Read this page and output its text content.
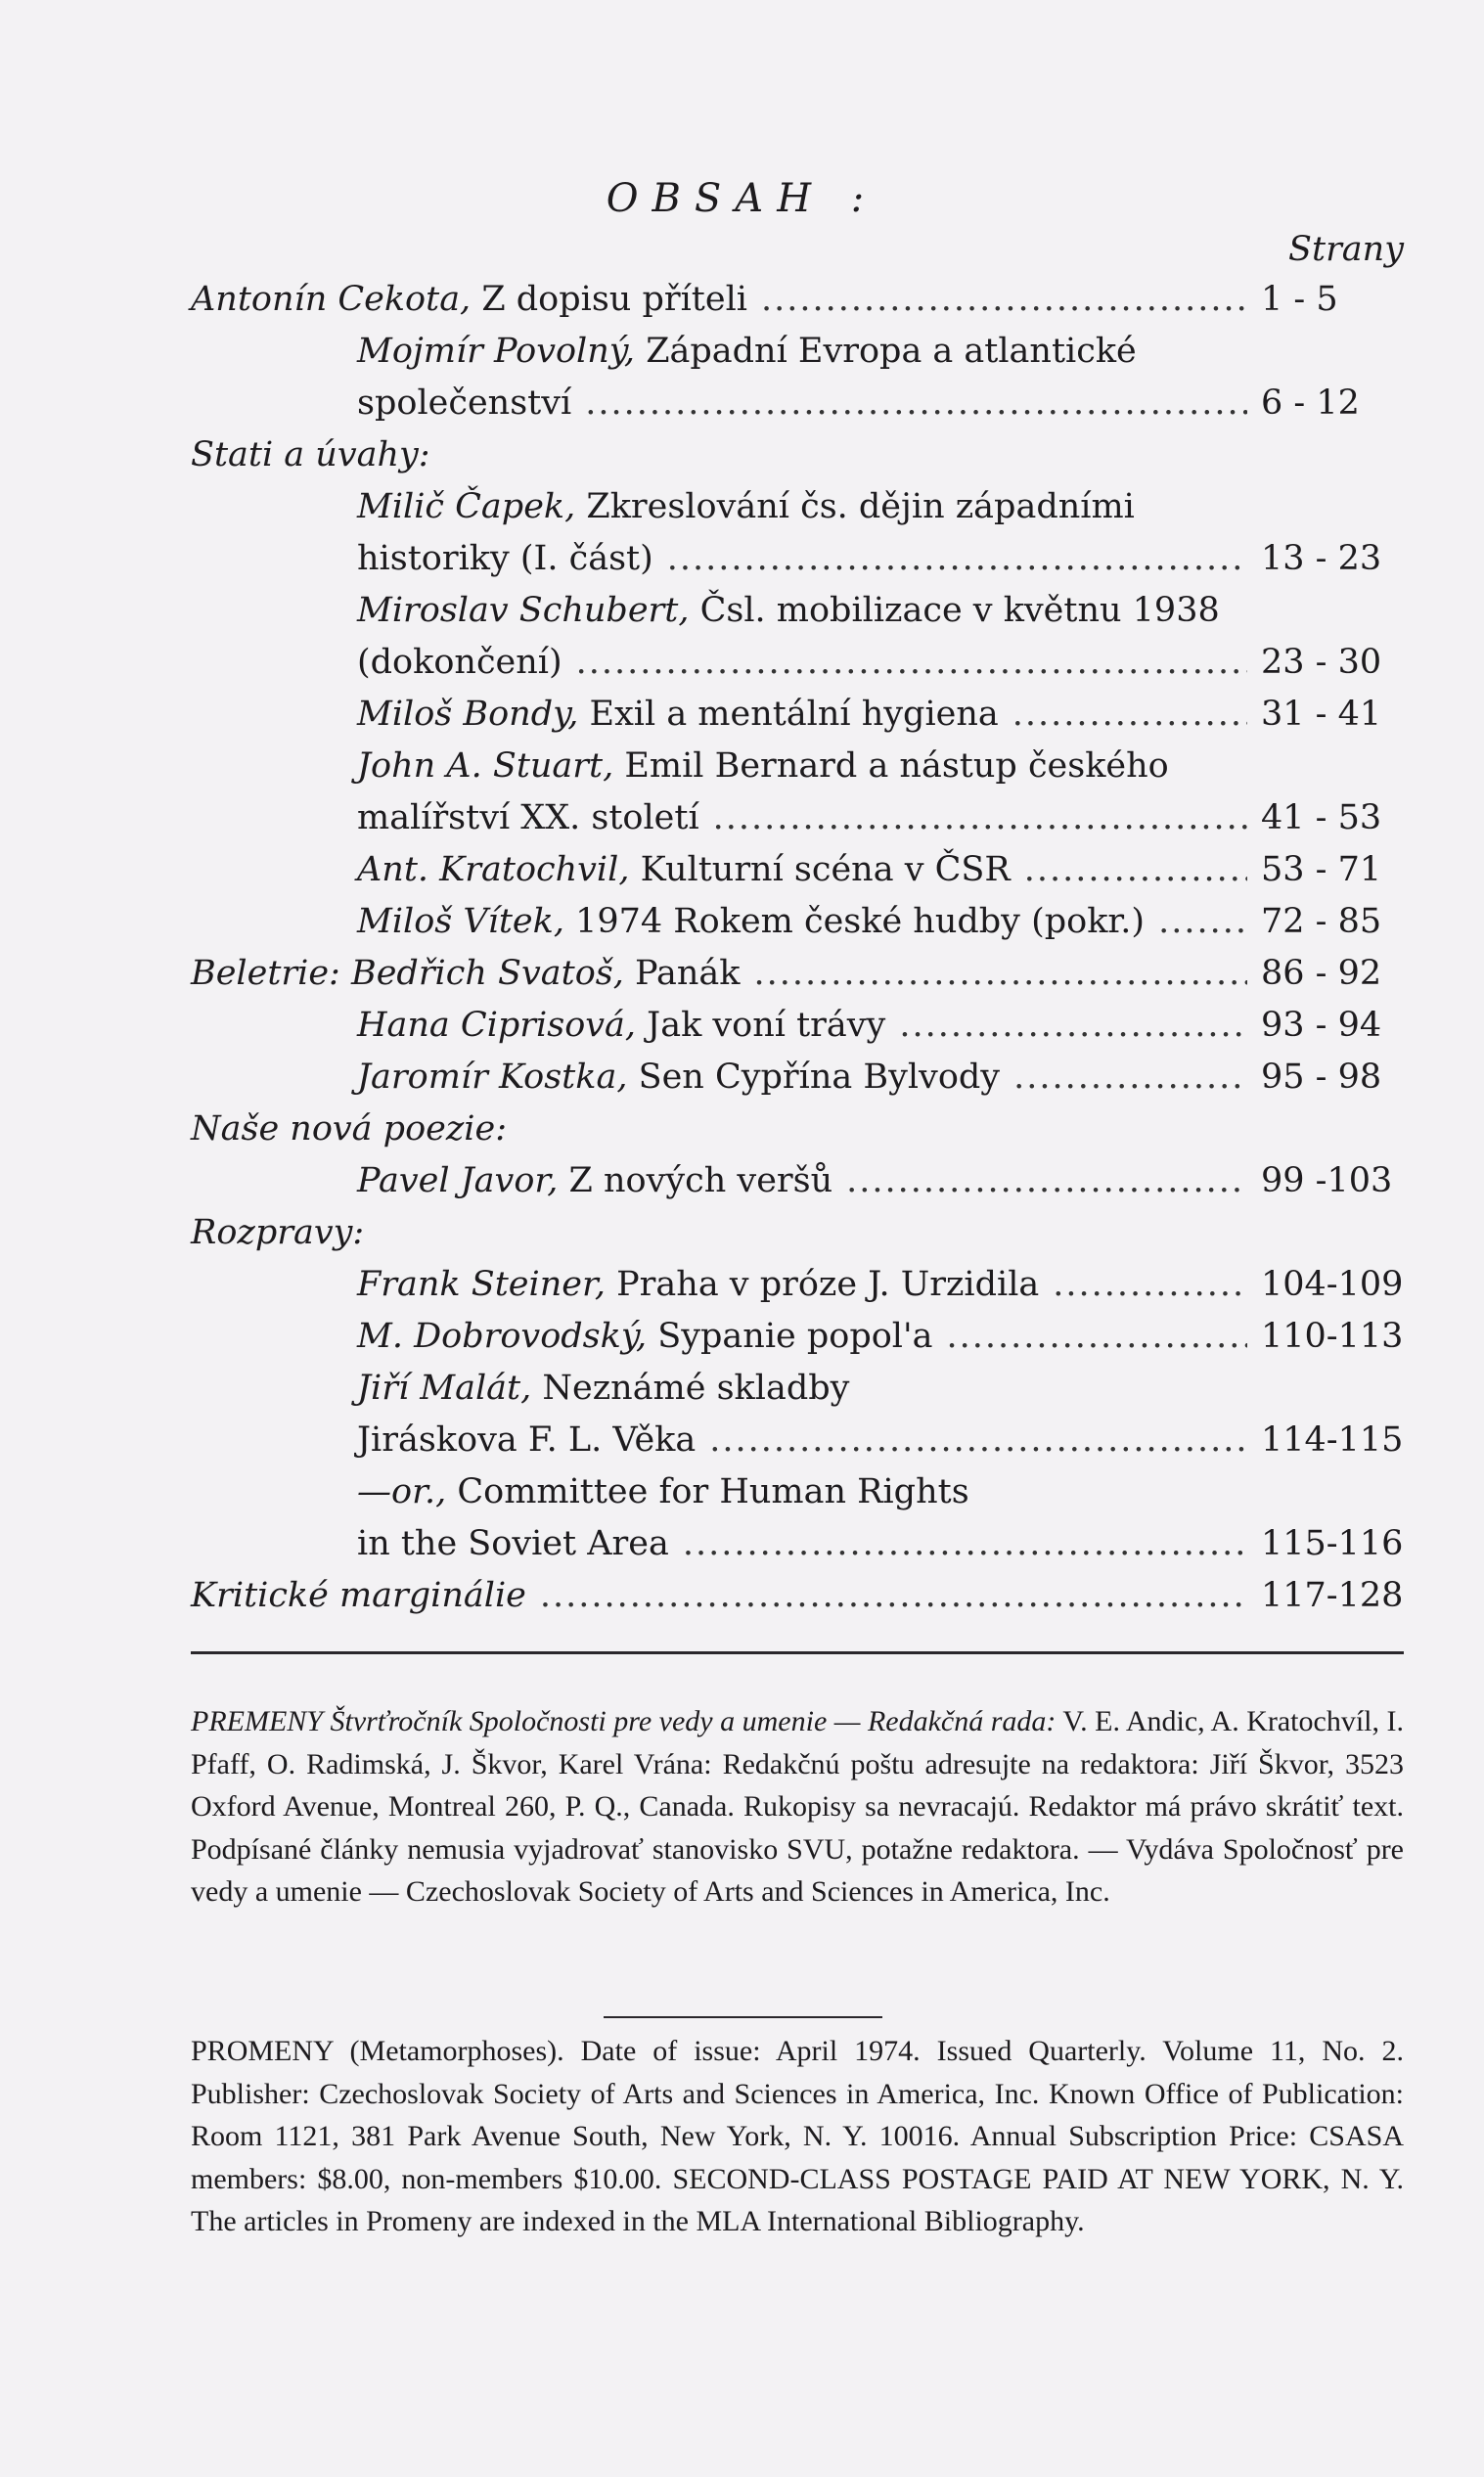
OBSAH :
Strany
Antonín Cekota, Z dopisu příteli .....	1 - 5
Mojmír Povolný, Západní Evropa a atlantické
společenství .....	6 - 12
Stati a úvahy:
Milič Čapek, Zkreslování čs. dějin západními
historiky (I. část) .....	13 - 23
Miroslav Schubert, Čsl. mobilizace v květnu 1938
(dokončení) .....	23 - 30
Miloš Bondy, Exil a mentální hygiena .....	31 - 41
John A. Stuart, Emil Bernard a nástup českého
malířství XX. století .....	41 - 53
Ant. Kratochvil, Kulturní scéna v ČSR .....	53 - 71
Miloš Vítek, 1974 Rokem české hudby (pokr.) .....	72 - 85
Beletrie: Bedřich Svatoš, Panák .....	86 - 92
Hana Ciprisová, Jak voní trávy .....	93 - 94
Jaromír Kostka, Sen Cypřína Bylvody .....	95 - 98
Naše nová poezie:
Pavel Javor, Z nových veršů .....	99 -103
Rozpravy:
Frank Steiner, Praha v próze J. Urzidila .....	104-109
M. Dobrovodský, Sypanie popol'a .....	110-113
Jiří Malát, Neznámé skladby
Jiráskova F. L. Věka .....	114-115
—or., Committee for Human Rights
in the Soviet Area .....	115-116
Kritické marginálie .....	117-128
PREMENY Štvrťročník Spoločnosti pre vedy a umenie — Redakčná rada: V. E. Andic, A. Kratochvíl, I. Pfaff, O. Radimská, J. Škvor, Karel Vrána: Redakčnú poštu adresujte na redaktora: Jiří Škvor, 3523 Oxford Avenue, Montreal 260, P. Q., Canada. Rukopisy sa nevracajú. Redaktor má právo skrátiť text. Podpísané články nemusia vyjadrovať stanovisko SVU, potažne redaktora. — Vydáva Spoločnosť pre vedy a umenie — Czechoslovak Society of Arts and Sciences in America, Inc.
PROMENY (Metamorphoses). Date of issue: April 1974. Issued Quarterly. Volume 11, No. 2. Publisher: Czechoslovak Society of Arts and Sciences in America, Inc. Known Office of Publication: Room 1121, 381 Park Avenue South, New York, N. Y. 10016. Annual Subscription Price: CSASA members: $8.00, non-members $10.00. SECOND-CLASS POSTAGE PAID AT NEW YORK, N. Y. The articles in Promeny are indexed in the MLA International Bibliography.
